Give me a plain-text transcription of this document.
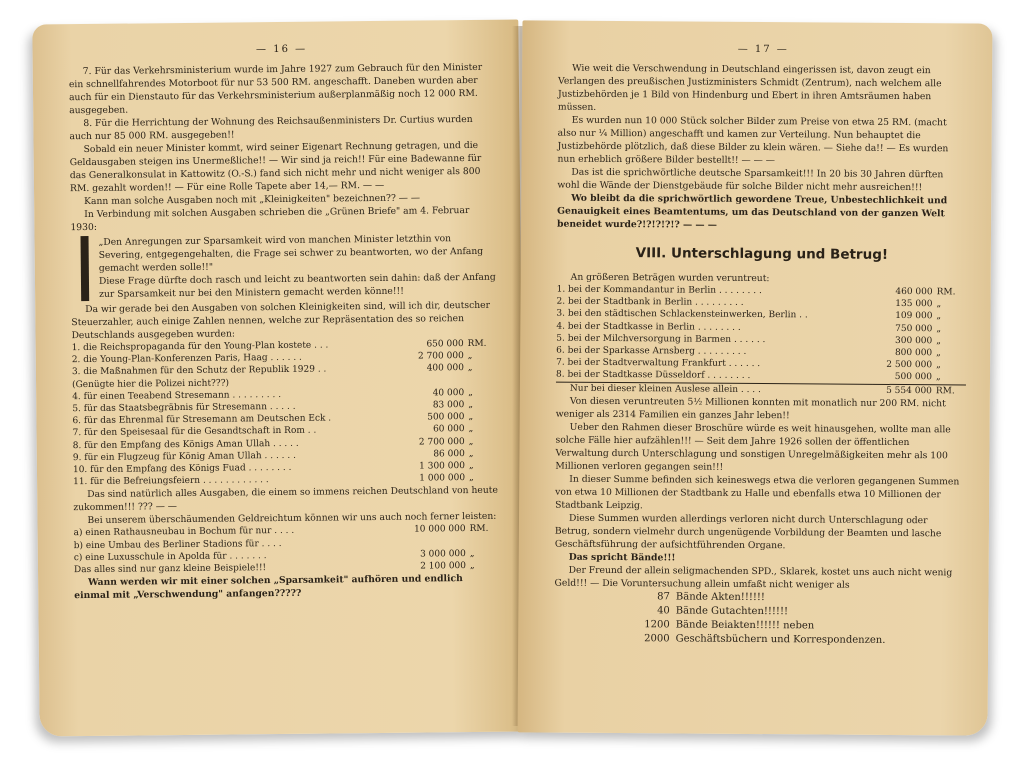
— 16 —

7. Für das Verkehrsministerium wurde im Jahre 1927 zum Gebrauch für den Minister ein schnellfahrendes Motorboot für nur 53 500 RM. angeschafft. Daneben wurden aber auch für ein Dienstauto für das Verkehrsministerium außerplanmäßig noch 12 000 RM. ausgegeben.

8. Für die Herrichtung der Wohnung des Reichsaußenministers Dr. Curtius wurden auch nur 85 000 RM. ausgegeben!!

Sobald ein neuer Minister kommt, wird seiner Eigenart Rechnung getragen, und die Geldausgaben steigen ins Unermeßliche!! — Wir sind ja reich!! Für eine Badewanne für das Generalkonsulat in Kattowitz (O.-S.) fand sich nicht mehr und nicht weniger als 800 RM. gezahlt worden!! — Für eine Rolle Tapete aber 14,— RM. — —

Kann man solche Ausgaben noch mit „Kleinigkeiten" bezeichnen?? — —

In Verbindung mit solchen Ausgaben schrieben die „Grünen Briefe" am 4. Februar 1930:

„Den Anregungen zur Sparsamkeit wird von manchen Minister letzthin von Severing, entgegengehalten, die Frage sei schwer zu beantworten, wo der Anfang gemacht werden solle!!"

Diese Frage dürfte doch rasch und leicht zu beantworten sein dahin: daß der Anfang zur Sparsamkeit nur bei den Ministern gemacht werden könne!!!

Da wir gerade bei den Ausgaben von solchen Kleinigkeiten sind, will ich dir, deutscher Steuerzahler, auch einige Zahlen nennen, welche zur Repräsentation des so reichen Deutschlands ausgegeben wurden:

1. die Reichspropaganda für den Young-Plan kostete . . .	650 000	RM.
2. die Young-Plan-Konferenzen Paris, Haag . . . . . .	2 700 000	„
3. die Maßnahmen für den Schutz der Republik 1929 . .	400 000	„
(Genügte hier die Polizei nicht???)		
4. für einen Teeabend Stresemann . . . . . . . . .	40 000	„
5. für das Staatsbegräbnis für Stresemann . . . . .	83 000	„
6. für das Ehrenmal für Stresemann am Deutschen Eck .	500 000	„
7. für den Speisesaal für die Gesandtschaft in Rom . .	60 000	„
8. für den Empfang des Königs Aman Ullah . . . . .	2 700 000	„
9. für ein Flugzeug für König Aman Ullah . . . . . .	86 000	„
10. für den Empfang des Königs Fuad . . . . . . . .	1 300 000	„
11. für die Befreiungsfeiern . . . . . . . . . . . .	1 000 000	„

Das sind natürlich alles Ausgaben, die einem so immens reichen Deutschland von heute zukommen!!! ??? — —

Bei unserem überschäumenden Geldreichtum können wir uns auch noch ferner leisten:

a) einen Rathausneubau in Bochum für nur . . . .	10 000 000	RM.
b) eine Umbau des Berliner Stadions für . . . .		
c) eine Luxusschule in Apolda für . . . . . . .	3 000 000	„
Das alles sind nur ganz kleine Beispiele!!!	2 100 000	„

Wann werden wir mit einer solchen „Sparsamkeit" aufhören und endlich einmal mit „Verschwendung" anfangen?????

— 17 —

Wie weit die Verschwendung in Deutschland eingerissen ist, davon zeugt ein Verlangen des preußischen Justizministers Schmidt (Zentrum), nach welchem alle Justizbehörden je 1 Bild von Hindenburg und Ebert in ihren Amtsräumen haben müssen.

Es wurden nun 10 000 Stück solcher Bilder zum Preise von etwa 25 RM. (macht also nur ¼ Million) angeschafft und kamen zur Verteilung. Nun behauptet die Justizbehörde plötzlich, daß diese Bilder zu klein wären. — Siehe da!! — Es wurden nun erheblich größere Bilder bestellt!! — — —

Das ist die sprichwörtliche deutsche Sparsamkeit!!! In 20 bis 30 Jahren dürften wohl die Wände der Dienstgebäude für solche Bilder nicht mehr ausreichen!!!

Wo bleibt da die sprichwörtlich gewordene Treue, Unbestechlichkeit und Genauigkeit eines Beamtentums, um das Deutschland von der ganzen Welt beneidet wurde?!?!?!?!? — — —

VIII. Unterschlagung und Betrug!

An größeren Beträgen wurden veruntreut:

1. bei der Kommandantur in Berlin . . . . . . . .	460 000	RM.
2. bei der Stadtbank in Berlin . . . . . . . . .	135 000	„
3. bei den städtischen Schlackensteinwerken, Berlin . .	109 000	„
4. bei der Stadtkasse in Berlin . . . . . . . .	750 000	„
5. bei der Milchversorgung in Barmen . . . . . .	300 000	„
6. bei der Sparkasse Arnsberg . . . . . . . . .	800 000	„
7. bei der Stadtverwaltung Frankfurt . . . . . .	2 500 000	„
8. bei der Stadtkasse Düsseldorf . . . . . . . .	500 000	„
Nur bei dieser kleinen Auslese allein . . . .	5 554 000	RM.

Von diesen veruntreuten 5½ Millionen konnten mit monatlich nur 200 RM. nicht weniger als 2314 Familien ein ganzes Jahr leben!!

Ueber den Rahmen dieser Broschüre würde es weit hinausgehen, wollte man alle solche Fälle hier aufzählen!!! — Seit dem Jahre 1926 sollen der öffentlichen Verwaltung durch Unterschlagung und sonstigen Unregelmäßigkeiten mehr als 100 Millionen verloren gegangen sein!!!

In dieser Summe befinden sich keineswegs etwa die verloren gegangenen Summen von etwa 10 Millionen der Stadtbank zu Halle und ebenfalls etwa 10 Millionen der Stadtbank Leipzig.

Diese Summen wurden allerdings verloren nicht durch Unterschlagung oder Betrug, sondern vielmehr durch ungenügende Vorbildung der Beamten und lasche Geschäftsführung der aufsichtführenden Organe.

Das spricht Bände!!!

Der Freund der allein seligmachenden SPD., Sklarek, kostet uns auch nicht wenig Geld!!! — Die Voruntersuchung allein umfaßt nicht weniger als

87	Bände Akten!!!!!!
40	Bände Gutachten!!!!!!
1200	Bände Beiakten!!!!!! neben
2000	Geschäftsbüchern und Korrespondenzen.
